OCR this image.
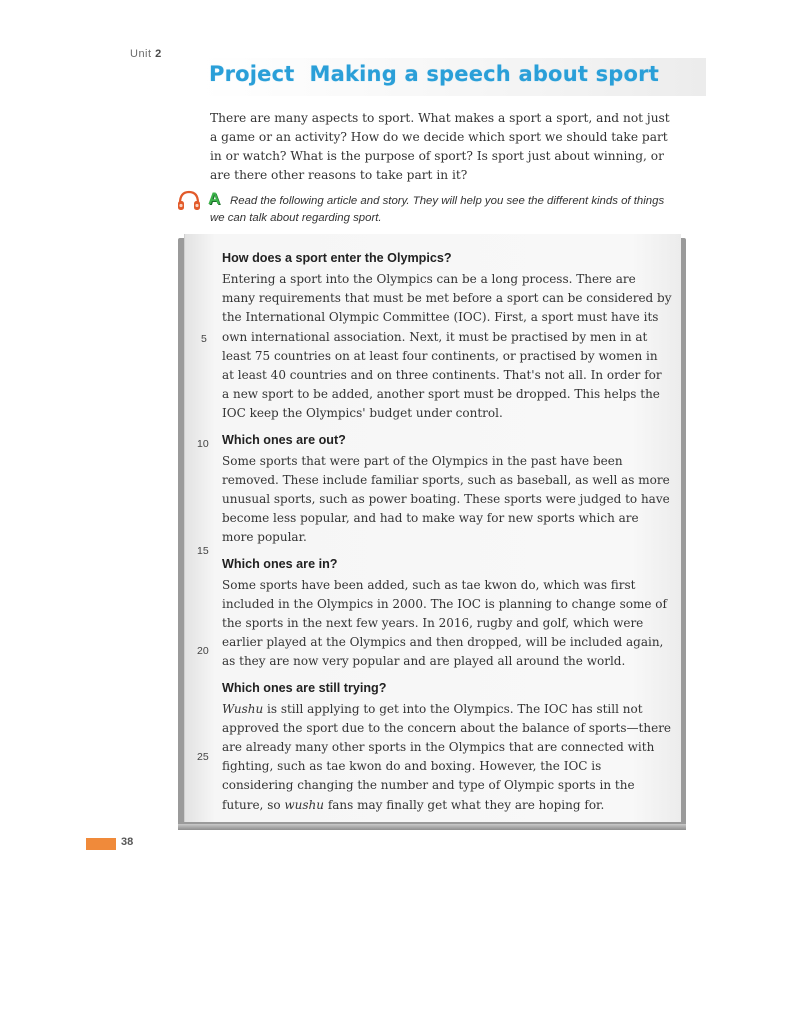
Unit 2
Project  Making a speech about sport

There are many aspects to sport. What makes a sport a sport, and not just a game or an activity? How do we decide which sport we should take part in or watch? What is the purpose of sport? Is sport just about winning, or are there other reasons to take part in it?

A Read the following article and story. They will help you see the different kinds of things we can talk about regarding sport.
How does a sport enter the Olympics?

Entering a sport into the Olympics can be a long process. There are many requirements that must be met before a sport can be considered by the International Olympic Committee (IOC). First, a sport must have its own international association. Next, it must be practised by men in at least 75 countries on at least four continents, or practised by women in at least 40 countries and on three continents. That's not all. In order for a new sport to be added, another sport must be dropped. This helps the IOC keep the Olympics' budget under control.

Which ones are out?

Some sports that were part of the Olympics in the past have been removed. These include familiar sports, such as baseball, as well as more unusual sports, such as power boating. These sports were judged to have become less popular, and had to make way for new sports which are more popular.

Which ones are in?

Some sports have been added, such as tae kwon do, which was first included in the Olympics in 2000. The IOC is planning to change some of the sports in the next few years. In 2016, rugby and golf, which were earlier played at the Olympics and then dropped, will be included again, as they are now very popular and are played all around the world.

Which ones are still trying?

Wushu is still applying to get into the Olympics. The IOC has still not approved the sport due to the concern about the balance of sports—there are already many other sports in the Olympics that are connected with fighting, such as tae kwon do and boxing. However, the IOC is considering changing the number and type of Olympic sports in the future, so wushu fans may finally get what they are hoping for.

5
10
15
20
25
38
